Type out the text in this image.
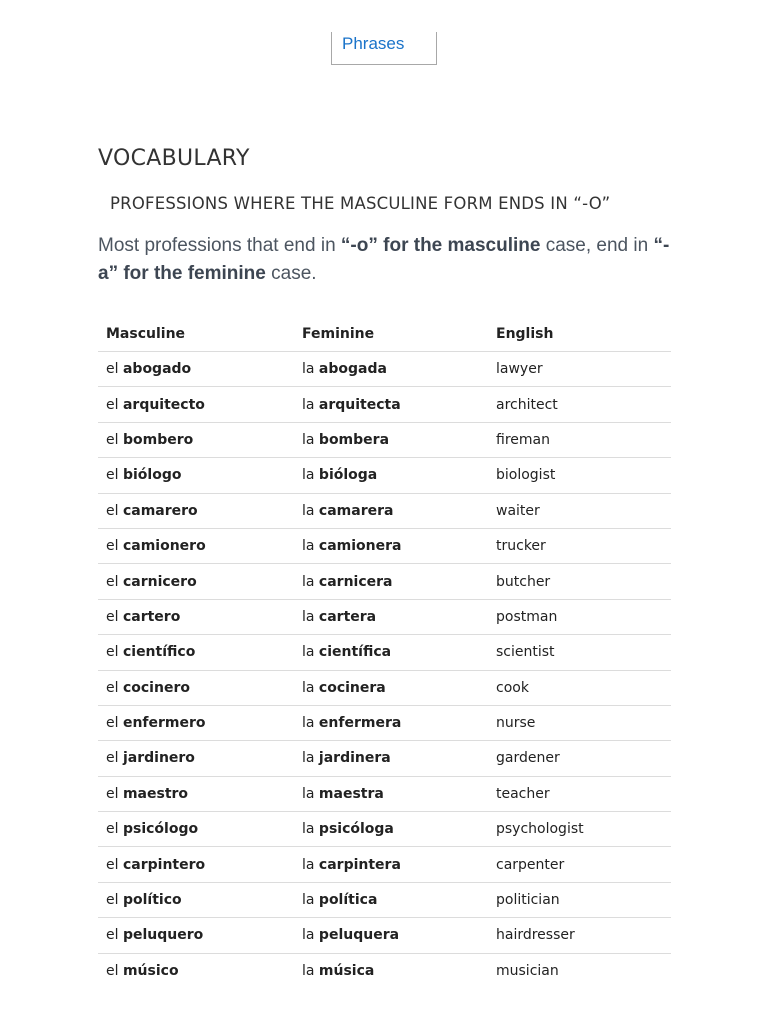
Phrases
VOCABULARY
PROFESSIONS WHERE THE MASCULINE FORM ENDS IN “-O”

Most professions that end in “-o” for the masculine case, end in “-a” for the feminine case.

Masculine	Feminine	English
el abogado	la abogada	lawyer
el arquitecto	la arquitecta	architect
el bombero	la bombera	fireman
el biólogo	la bióloga	biologist
el camarero	la camarera	waiter
el camionero	la camionera	trucker
el carnicero	la carnicera	butcher
el cartero	la cartera	postman
el científico	la científica	scientist
el cocinero	la cocinera	cook
el enfermero	la enfermera	nurse
el jardinero	la jardinera	gardener
el maestro	la maestra	teacher
el psicólogo	la psicóloga	psychologist
el carpintero	la carpintera	carpenter
el político	la política	politician
el peluquero	la peluquera	hairdresser
el músico	la música	musician
